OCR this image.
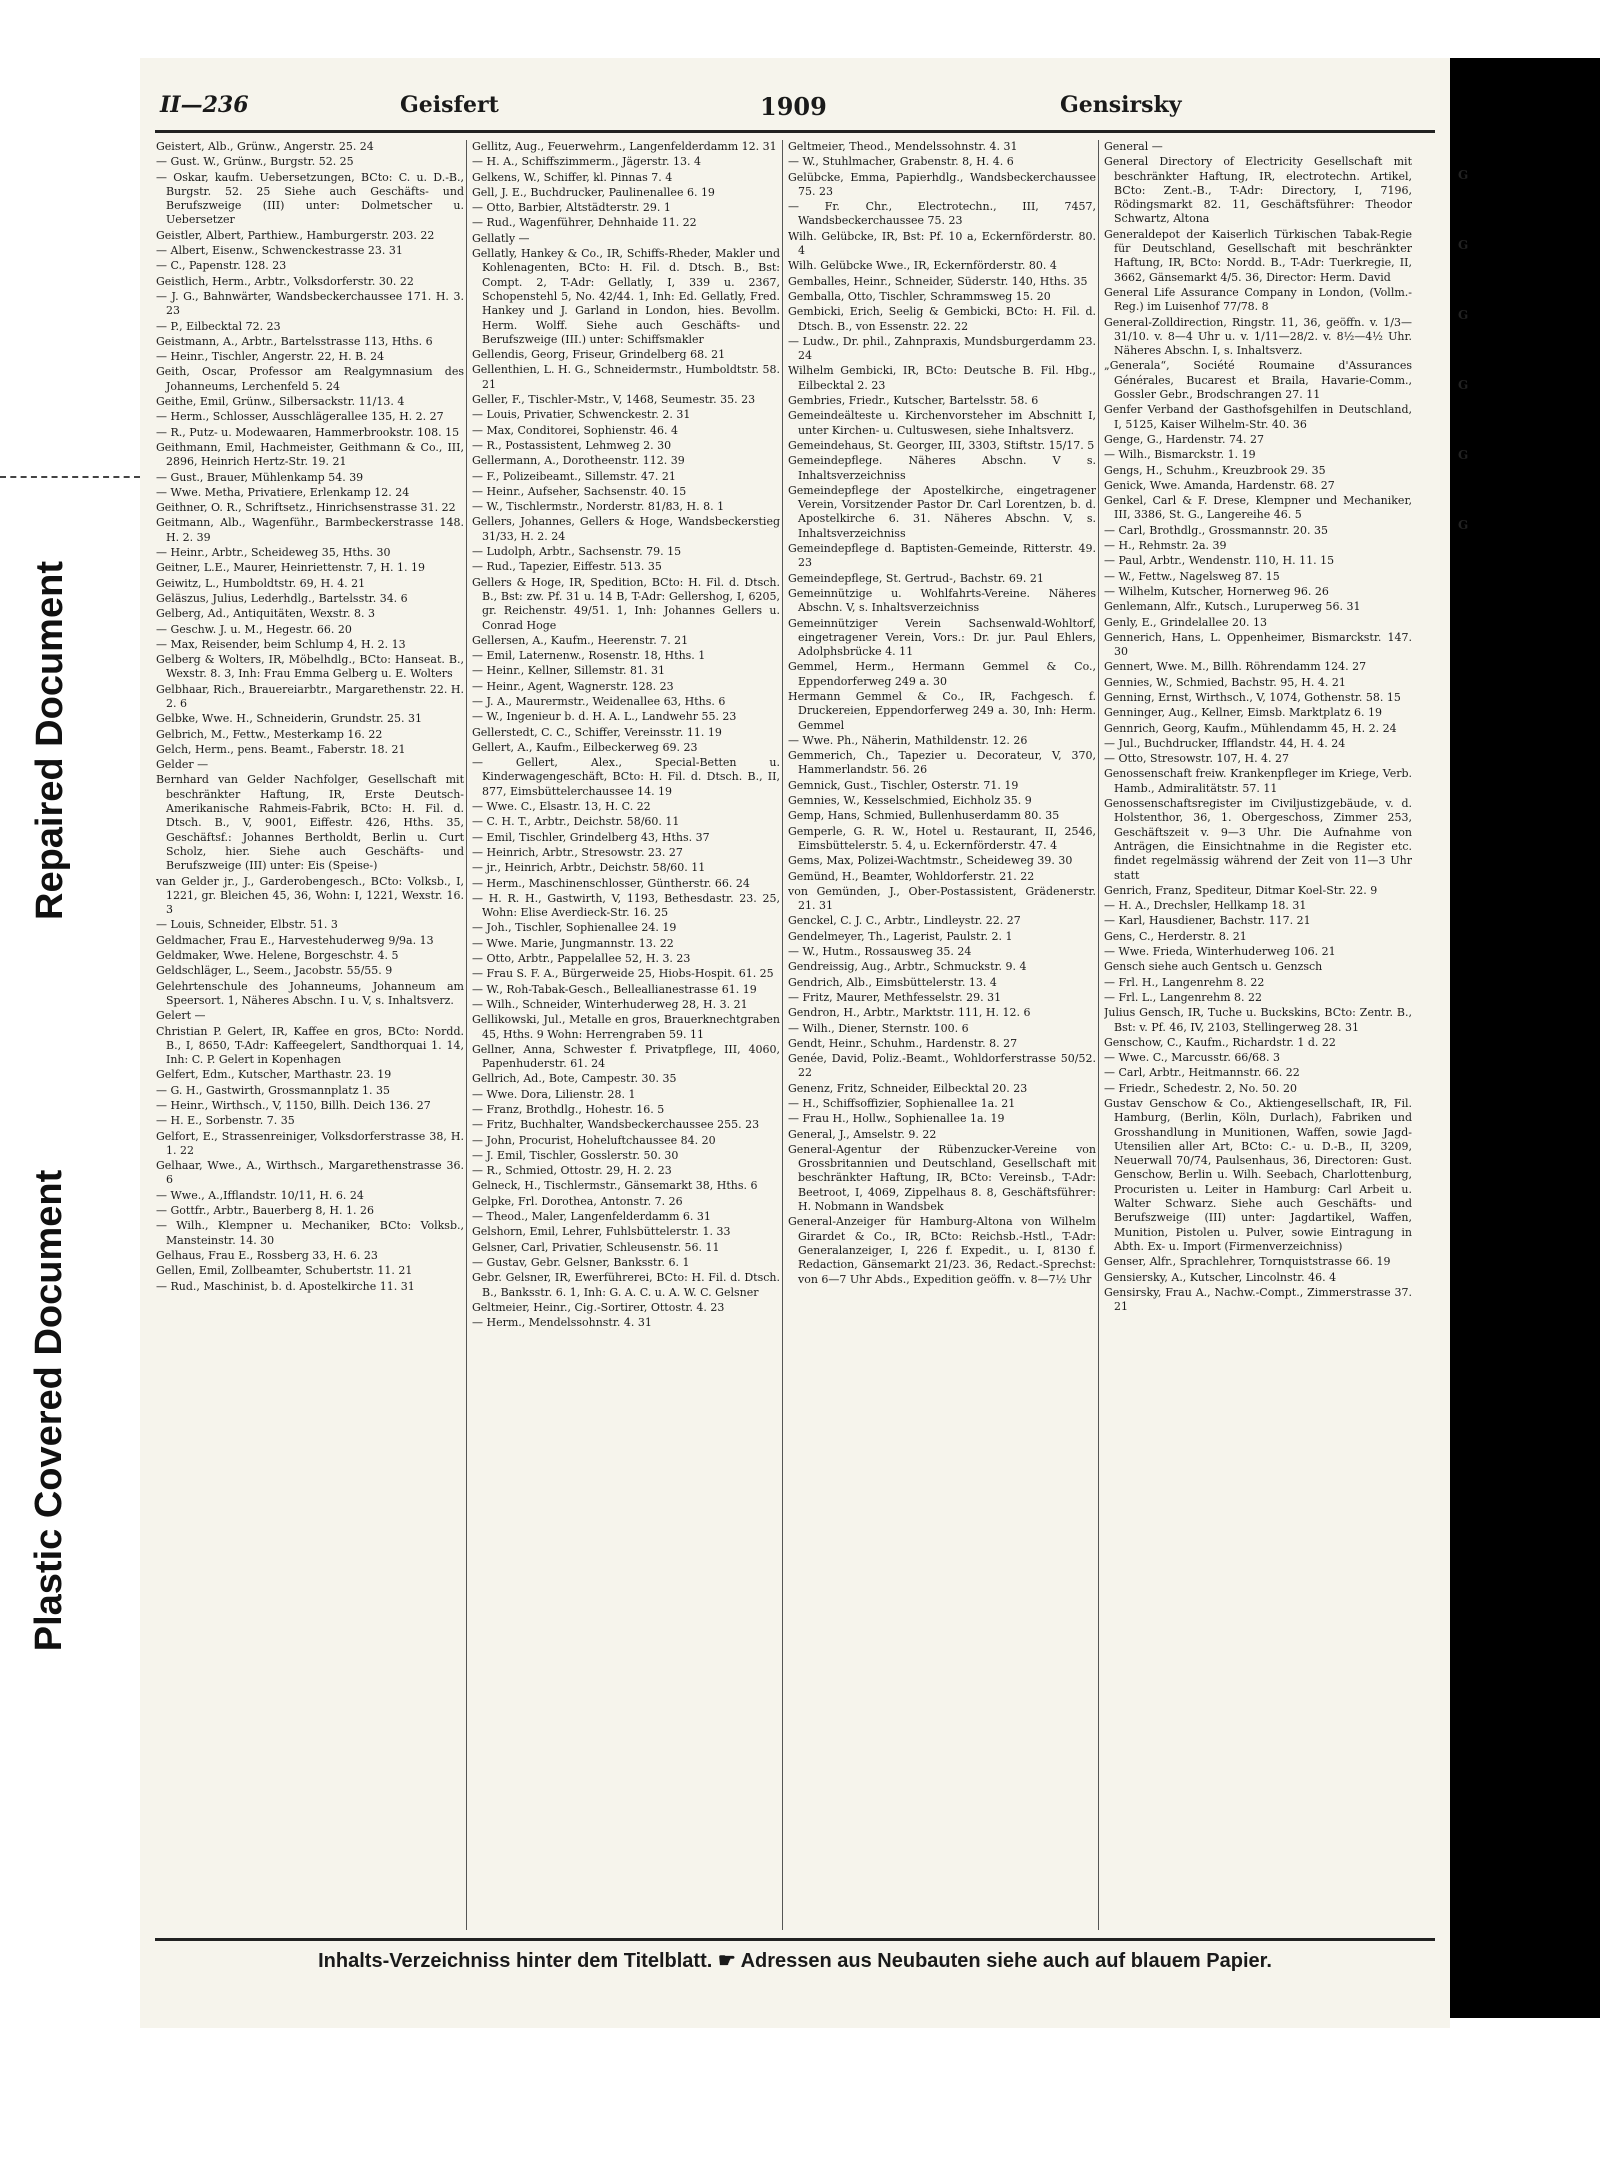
Repaired Document
Plastic Covered Document
II—236	Geisfert	1909	Gensirsky

Geistert, Alb., Grünw., Angerstr. 25. 24

— Gust. W., Grünw., Burgstr. 52. 25

— Oskar, kaufm. Uebersetzungen, BCto: C. u. D.-B., Burgstr. 52. 25 Siehe auch Geschäfts- und Berufszweige (III) unter: Dolmetscher u. Uebersetzer

Geistler, Albert, Parthiew., Hamburgerstr. 203. 22

— Albert, Eisenw., Schwenckestrasse 23. 31

— C., Papenstr. 128. 23

Geistlich, Herm., Arbtr., Volksdorferstr. 30. 22

— J. G., Bahnwärter, Wandsbeckerchaussee 171. H. 3. 23

— P., Eilbecktal 72. 23

Geistmann, A., Arbtr., Bartelsstrasse 113, Hths. 6

— Heinr., Tischler, Angerstr. 22, H. B. 24

Geith, Oscar, Professor am Realgymnasium des Johanneums, Lerchenfeld 5. 24

Geithe, Emil, Grünw., Silbersackstr. 11/13. 4

— Herm., Schlosser, Ausschlägerallee 135, H. 2. 27

— R., Putz- u. Modewaaren, Hammerbrookstr. 108. 15

Geithmann, Emil, Hachmeister, Geithmann & Co., III, 2896, Heinrich Hertz-Str. 19. 21

— Gust., Brauer, Mühlenkamp 54. 39

— Wwe. Metha, Privatiere, Erlenkamp 12. 24

Geithner, O. R., Schriftsetz., Hinrichsenstrasse 31. 22

Geitmann, Alb., Wagenführ., Barmbeckerstrasse 148. H. 2. 39

— Heinr., Arbtr., Scheideweg 35, Hths. 30

Geitner, L.E., Maurer, Heinriettenstr. 7, H. 1. 19

Geiwitz, L., Humboldtstr. 69, H. 4. 21

Geläszus, Julius, Lederhdlg., Bartelsstr. 34. 6

Gelberg, Ad., Antiquitäten, Wexstr. 8. 3

— Geschw. J. u. M., Hegestr. 66. 20

— Max, Reisender, beim Schlump 4, H. 2. 13

Gelberg & Wolters, IR, Möbelhdlg., BCto: Hanseat. B., Wexstr. 8. 3, Inh: Frau Emma Gelberg u. E. Wolters

Gelbhaar, Rich., Brauereiarbtr., Margarethenstr. 22. H. 2. 6

Gelbke, Wwe. H., Schneiderin, Grundstr. 25. 31

Gelbrich, M., Fettw., Mesterkamp 16. 22

Gelch, Herm., pens. Beamt., Faberstr. 18. 21

Gelder —

Bernhard van Gelder Nachfolger, Gesellschaft mit beschränkter Haftung, IR, Erste Deutsch-Amerikanische Rahmeis-Fabrik, BCto: H. Fil. d. Dtsch. B., V, 9001, Eiffestr. 426, Hths. 35, Geschäftsf.: Johannes Bertholdt, Berlin u. Curt Scholz, hier. Siehe auch Geschäfts- und Berufszweige (III) unter: Eis (Speise-)

van Gelder jr., J., Garderobengesch., BCto: Volksb., I, 1221, gr. Bleichen 45, 36, Wohn: I, 1221, Wexstr. 16. 3

— Louis, Schneider, Elbstr. 51. 3

Geldmacher, Frau E., Harvestehuderweg 9/9a. 13

Geldmaker, Wwe. Helene, Borgeschstr. 4. 5

Geldschläger, L., Seem., Jacobstr. 55/55. 9

Gelehrtenschule des Johanneums, Johanneum am Speersort. 1, Näheres Abschn. I u. V, s. Inhaltsverz.

Gelert —

Christian P. Gelert, IR, Kaffee en gros, BCto: Nordd. B., I, 8650, T-Adr: Kaffeegelert, Sandthorquai 1. 14, Inh: C. P. Gelert in Kopenhagen

Gelfert, Edm., Kutscher, Marthastr. 23. 19

— G. H., Gastwirth, Grossmannplatz 1. 35

— Heinr., Wirthsch., V, 1150, Billh. Deich 136. 27

— H. E., Sorbenstr. 7. 35

Gelfort, E., Strassenreiniger, Volksdorferstrasse 38, H. 1. 22

Gelhaar, Wwe., A., Wirthsch., Margarethenstrasse 36. 6

— Wwe., A.,Ifflandstr. 10/11, H. 6. 24

— Gottfr., Arbtr., Bauerberg 8, H. 1. 26

— Wilh., Klempner u. Mechaniker, BCto: Volksb., Mansteinstr. 14. 30

Gelhaus, Frau E., Rossberg 33, H. 6. 23

Gellen, Emil, Zollbeamter, Schubertstr. 11. 21

— Rud., Maschinist, b. d. Apostelkirche 11. 31

Gellitz, Aug., Feuerwehrm., Langenfelderdamm 12. 31

— H. A., Schiffszimmerm., Jägerstr. 13. 4

Gelkens, W., Schiffer, kl. Pinnas 7. 4

Gell, J. E., Buchdrucker, Paulinenallee 6. 19

— Otto, Barbier, Altstädterstr. 29. 1

— Rud., Wagenführer, Dehnhaide 11. 22

Gellatly —

Gellatly, Hankey & Co., IR, Schiffs-Rheder, Makler und Kohlenagenten, BCto: H. Fil. d. Dtsch. B., Bst: Compt. 2, T-Adr: Gellatly, I, 339 u. 2367, Schopenstehl 5, No. 42/44. 1, Inh: Ed. Gellatly, Fred. Hankey und J. Garland in London, hies. Bevollm. Herm. Wolff. Siehe auch Geschäfts- und Berufszweige (III.) unter: Schiffsmakler

Gellendis, Georg, Friseur, Grindelberg 68. 21

Gellenthien, L. H. G., Schneidermstr., Humboldtstr. 58. 21

Geller, F., Tischler-Mstr., V, 1468, Seumestr. 35. 23

— Louis, Privatier, Schwenckestr. 2. 31

— Max, Conditorei, Sophienstr. 46. 4

— R., Postassistent, Lehmweg 2. 30

Gellermann, A., Dorotheenstr. 112. 39

— F., Polizeibeamt., Sillemstr. 47. 21

— Heinr., Aufseher, Sachsenstr. 40. 15

— W., Tischlermstr., Norderstr. 81/83, H. 8. 1

Gellers, Johannes, Gellers & Hoge, Wandsbeckerstieg 31/33, H. 2. 24

— Ludolph, Arbtr., Sachsenstr. 79. 15

— Rud., Tapezier, Eiffestr. 513. 35

Gellers & Hoge, IR, Spedition, BCto: H. Fil. d. Dtsch. B., Bst: zw. Pf. 31 u. 14 B, T-Adr: Gellershog, I, 6205, gr. Reichenstr. 49/51. 1, Inh: Johannes Gellers u. Conrad Hoge

Gellersen, A., Kaufm., Heerenstr. 7. 21

— Emil, Laternenw., Rosenstr. 18, Hths. 1

— Heinr., Kellner, Sillemstr. 81. 31

— Heinr., Agent, Wagnerstr. 128. 23

— J. A., Maurermstr., Weidenallee 63, Hths. 6

— W., Ingenieur b. d. H. A. L., Landwehr 55. 23

Gellerstedt, C. C., Schiffer, Vereinsstr. 11. 19

Gellert, A., Kaufm., Eilbeckerweg 69. 23

— Gellert, Alex., Special-Betten u. Kinderwagengeschäft, BCto: H. Fil. d. Dtsch. B., II, 877, Eimsbüttelerchaussee 14. 19

— Wwe. C., Elsastr. 13, H. C. 22

— C. H. T., Arbtr., Deichstr. 58/60. 11

— Emil, Tischler, Grindelberg 43, Hths. 37

— Heinrich, Arbtr., Stresowstr. 23. 27

— jr., Heinrich, Arbtr., Deichstr. 58/60. 11

— Herm., Maschinenschlosser, Güntherstr. 66. 24

— H. R. H., Gastwirth, V, 1193, Bethesdastr. 23. 25, Wohn: Elise Averdieck-Str. 16. 25

— Joh., Tischler, Sophienallee 24. 19

— Wwe. Marie, Jungmannstr. 13. 22

— Otto, Arbtr., Pappelallee 52, H. 3. 23

— Frau S. F. A., Bürgerweide 25, Hiobs-Hospit. 61. 25

— W., Roh-Tabak-Gesch., Belleallianestrasse 61. 19

— Wilh., Schneider, Winterhuderweg 28, H. 3. 21

Gellikowski, Jul., Metalle en gros, Brauerknechtgraben 45, Hths. 9 Wohn: Herrengraben 59. 11

Gellner, Anna, Schwester f. Privatpflege, III, 4060, Papenhuderstr. 61. 24

Gellrich, Ad., Bote, Campestr. 30. 35

— Wwe. Dora, Lilienstr. 28. 1

— Franz, Brothdlg., Hohestr. 16. 5

— Fritz, Buchhalter, Wandsbeckerchaussee 255. 23

— John, Procurist, Hoheluftchaussee 84. 20

— J. Emil, Tischler, Gosslerstr. 50. 30

— R., Schmied, Ottostr. 29, H. 2. 23

Gelneck, H., Tischlermstr., Gänsemarkt 38, Hths. 6

Gelpke, Frl. Dorothea, Antonstr. 7. 26

— Theod., Maler, Langenfelderdamm 6. 31

Gelshorn, Emil, Lehrer, Fuhlsbüttelerstr. 1. 33

Gelsner, Carl, Privatier, Schleusenstr. 56. 11

— Gustav, Gebr. Gelsner, Banksstr. 6. 1

Gebr. Gelsner, IR, Ewerführerei, BCto: H. Fil. d. Dtsch. B., Banksstr. 6. 1, Inh: G. A. C. u. A. W. C. Gelsner

Geltmeier, Heinr., Cig.-Sortirer, Ottostr. 4. 23

— Herm., Mendelssohnstr. 4. 31

Geltmeier, Theod., Mendelssohnstr. 4. 31

— W., Stuhlmacher, Grabenstr. 8, H. 4. 6

Gelübcke, Emma, Papierhdlg., Wandsbeckerchaussee 75. 23

— Fr. Chr., Electrotechn., III, 7457, Wandsbeckerchaussee 75. 23

Wilh. Gelübcke, IR, Bst: Pf. 10 a, Eckernförderstr. 80. 4

Wilh. Gelübcke Wwe., IR, Eckernförderstr. 80. 4

Gemballes, Heinr., Schneider, Süderstr. 140, Hths. 35

Gemballa, Otto, Tischler, Schrammsweg 15. 20

Gembicki, Erich, Seelig & Gembicki, BCto: H. Fil. d. Dtsch. B., von Essenstr. 22. 22

— Ludw., Dr. phil., Zahnpraxis, Mundsburgerdamm 23. 24

Wilhelm Gembicki, IR, BCto: Deutsche B. Fil. Hbg., Eilbecktal 2. 23

Gembries, Friedr., Kutscher, Bartelsstr. 58. 6

Gemeindeälteste u. Kirchenvorsteher im Abschnitt I, unter Kirchen- u. Cultuswesen, siehe Inhaltsverz.

Gemeindehaus, St. Georger, III, 3303, Stiftstr. 15/17. 5

Gemeindepflege. Näheres Abschn. V s. Inhaltsverzeichniss

Gemeindepflege der Apostelkirche, eingetragener Verein, Vorsitzender Pastor Dr. Carl Lorentzen, b. d. Apostelkirche 6. 31. Näheres Abschn. V, s. Inhaltsverzeichniss

Gemeindepflege d. Baptisten-Gemeinde, Ritterstr. 49. 23

Gemeindepflege, St. Gertrud-, Bachstr. 69. 21

Gemeinnützige u. Wohlfahrts-Vereine. Näheres Abschn. V, s. Inhaltsverzeichniss

Gemeinnütziger Verein Sachsenwald-Wohltorf, eingetragener Verein, Vors.: Dr. jur. Paul Ehlers, Adolphsbrücke 4. 11

Gemmel, Herm., Hermann Gemmel & Co., Eppendorferweg 249 a. 30

Hermann Gemmel & Co., IR, Fachgesch. f. Druckereien, Eppendorferweg 249 a. 30, Inh: Herm. Gemmel

— Wwe. Ph., Näherin, Mathildenstr. 12. 26

Gemmerich, Ch., Tapezier u. Decorateur, V, 370, Hammerlandstr. 56. 26

Gemnick, Gust., Tischler, Osterstr. 71. 19

Gemnies, W., Kesselschmied, Eichholz 35. 9

Gemp, Hans, Schmied, Bullenhuserdamm 80. 35

Gemperle, G. R. W., Hotel u. Restaurant, II, 2546, Eimsbüttelerstr. 5. 4, u. Eckernförderstr. 47. 4

Gems, Max, Polizei-Wachtmstr., Scheideweg 39. 30

Gemünd, H., Beamter, Wohldorferstr. 21. 22

von Gemünden, J., Ober-Postassistent, Grädenerstr. 21. 31

Genckel, C. J. C., Arbtr., Lindleystr. 22. 27

Gendelmeyer, Th., Lagerist, Paulstr. 2. 1

— W., Hutm., Rossausweg 35. 24

Gendreissig, Aug., Arbtr., Schmuckstr. 9. 4

Gendrich, Alb., Eimsbüttelerstr. 13. 4

— Fritz, Maurer, Methfesselstr. 29. 31

Gendron, H., Arbtr., Marktstr. 111, H. 12. 6

— Wilh., Diener, Sternstr. 100. 6

Gendt, Heinr., Schuhm., Hardenstr. 8. 27

Genée, David, Poliz.-Beamt., Wohldorferstrasse 50/52. 22

Genenz, Fritz, Schneider, Eilbecktal 20. 23

— H., Schiffsoffizier, Sophienallee 1a. 21

— Frau H., Hollw., Sophienallee 1a. 19

General, J., Amselstr. 9. 22

General-Agentur der Rübenzucker-Vereine von Grossbritannien und Deutschland, Gesellschaft mit beschränkter Haftung, IR, BCto: Vereinsb., T-Adr: Beetroot, I, 4069, Zippelhaus 8. 8, Geschäftsführer: H. Nobmann in Wandsbek

General-Anzeiger für Hamburg-Altona von Wilhelm Girardet & Co., IR, BCto: Reichsb.-Hstl., T-Adr: Generalanzeiger, I, 226 f. Expedit., u. I, 8130 f. Redaction, Gänsemarkt 21/23. 36, Redact.-Sprechst: von 6—7 Uhr Abds., Expedition geöffn. v. 8—7½ Uhr

General —

General Directory of Electricity Gesellschaft mit beschränkter Haftung, IR, electrotechn. Artikel, BCto: Zent.-B., T-Adr: Directory, I, 7196, Rödingsmarkt 82. 11, Geschäftsführer: Theodor Schwartz, Altona

Generaldepot der Kaiserlich Türkischen Tabak-Regie für Deutschland, Gesellschaft mit beschränkter Haftung, IR, BCto: Nordd. B., T-Adr: Tuerkregie, II, 3662, Gänsemarkt 4/5. 36, Director: Herm. David

General Life Assurance Company in London, (Vollm.-Reg.) im Luisenhof 77/78. 8

General-Zolldirection, Ringstr. 11, 36, geöffn. v. 1/3—31/10. v. 8—4 Uhr u. v. 1/11—28/2. v. 8½—4½ Uhr. Näheres Abschn. I, s. Inhaltsverz.

„Generala“, Société Roumaine d'Assurances Générales, Bucarest et Braila, Havarie-Comm., Gossler Gebr., Brodschrangen 27. 11

Genfer Verband der Gasthofsgehilfen in Deutschland, I, 5125, Kaiser Wilhelm-Str. 40. 36

Genge, G., Hardenstr. 74. 27

— Wilh., Bismarckstr. 1. 19

Gengs, H., Schuhm., Kreuzbrook 29. 35

Genick, Wwe. Amanda, Hardenstr. 68. 27

Genkel, Carl & F. Drese, Klempner und Mechaniker, III, 3386, St. G., Langereihe 46. 5

— Carl, Brothdlg., Grossmannstr. 20. 35

— H., Rehmstr. 2a. 39

— Paul, Arbtr., Wendenstr. 110, H. 11. 15

— W., Fettw., Nagelsweg 87. 15

— Wilhelm, Kutscher, Hornerweg 96. 26

Genlemann, Alfr., Kutsch., Luruperweg 56. 31

Genly, E., Grindelallee 20. 13

Gennerich, Hans, L. Oppenheimer, Bismarckstr. 147. 30

Gennert, Wwe. M., Billh. Röhrendamm 124. 27

Gennies, W., Schmied, Bachstr. 95, H. 4. 21

Genning, Ernst, Wirthsch., V, 1074, Gothenstr. 58. 15

Genninger, Aug., Kellner, Eimsb. Marktplatz 6. 19

Gennrich, Georg, Kaufm., Mühlendamm 45, H. 2. 24

— Jul., Buchdrucker, Ifflandstr. 44, H. 4. 24

— Otto, Stresowstr. 107, H. 4. 27

Genossenschaft freiw. Krankenpfleger im Kriege, Verb. Hamb., Admiralitätstr. 57. 11

Genossenschaftsregister im Civiljustizgebäude, v. d. Holstenthor, 36, 1. Obergeschoss, Zimmer 253, Geschäftszeit v. 9—3 Uhr. Die Aufnahme von Anträgen, die Einsichtnahme in die Register etc. findet regelmässig während der Zeit von 11—3 Uhr statt

Genrich, Franz, Spediteur, Ditmar Koel-Str. 22. 9

— H. A., Drechsler, Hellkamp 18. 31

— Karl, Hausdiener, Bachstr. 117. 21

Gens, C., Herderstr. 8. 21

— Wwe. Frieda, Winterhuderweg 106. 21

Gensch siehe auch Gentsch u. Genzsch

— Frl. H., Langenrehm 8. 22

— Frl. L., Langenrehm 8. 22

Julius Gensch, IR, Tuche u. Buckskins, BCto: Zentr. B., Bst: v. Pf. 46, IV, 2103, Stellingerweg 28. 31

Genschow, C., Kaufm., Richardstr. 1 d. 22

— Wwe. C., Marcusstr. 66/68. 3

— Carl, Arbtr., Heitmannstr. 66. 22

— Friedr., Schedestr. 2, No. 50. 20

Gustav Genschow & Co., Aktiengesellschaft, IR, Fil. Hamburg, (Berlin, Köln, Durlach), Fabriken und Grosshandlung in Munitionen, Waffen, sowie Jagd-Utensilien aller Art, BCto: C.- u. D.-B., II, 3209, Neuerwall 70/74, Paulsenhaus, 36, Directoren: Gust. Genschow, Berlin u. Wilh. Seebach, Charlottenburg, Procuristen u. Leiter in Hamburg: Carl Arbeit u. Walter Schwarz. Siehe auch Geschäfts- und Berufszweige (III) unter: Jagdartikel, Waffen, Munition, Pistolen u. Pulver, sowie Eintragung in Abth. Ex- u. Import (Firmenverzeichniss)

Genser, Alfr., Sprachlehrer, Tornquiststrasse 66. 19

Gensiersky, A., Kutscher, Lincolnstr. 46. 4

Gensirsky, Frau A., Nachw.-Compt., Zimmerstrasse 37. 21

Inhalts-Verzeichniss hinter dem Titelblatt. ☛ Adressen aus Neubauten siehe auch auf blauem Papier.
G
G
G
G
G
G
